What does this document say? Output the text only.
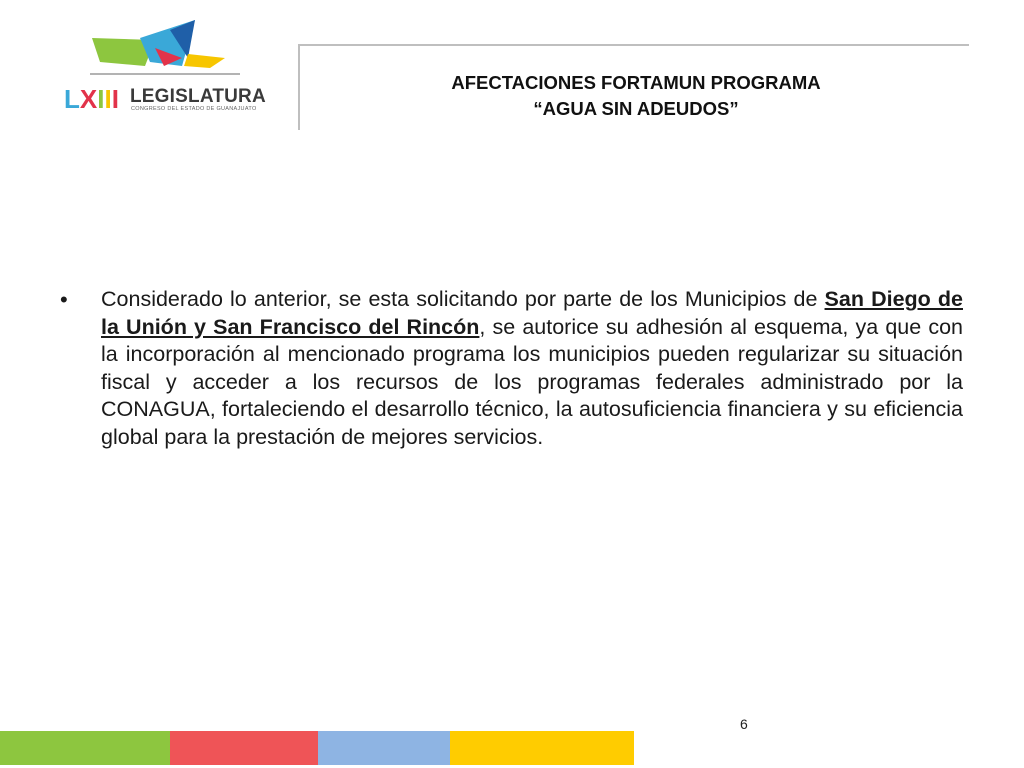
LXIII LEGISLATURA
CONGRESO DEL ESTADO DE GUANAJUATO
AFECTACIONES FORTAMUN PROGRAMA
“AGUA SIN ADEUDOS”
•	Considerado lo anterior, se esta solicitando por parte de los Municipios de San Diego de la Unión y San Francisco del Rincón, se autorice su adhesión al esquema, ya que con la incorporación al mencionado programa los municipios pueden regularizar su situación fiscal y acceder a los recursos de los programas federales administrado por la CONAGUA, fortaleciendo el desarrollo técnico, la autosuficiencia financiera y su eficiencia global para la prestación de mejores servicios.
6
